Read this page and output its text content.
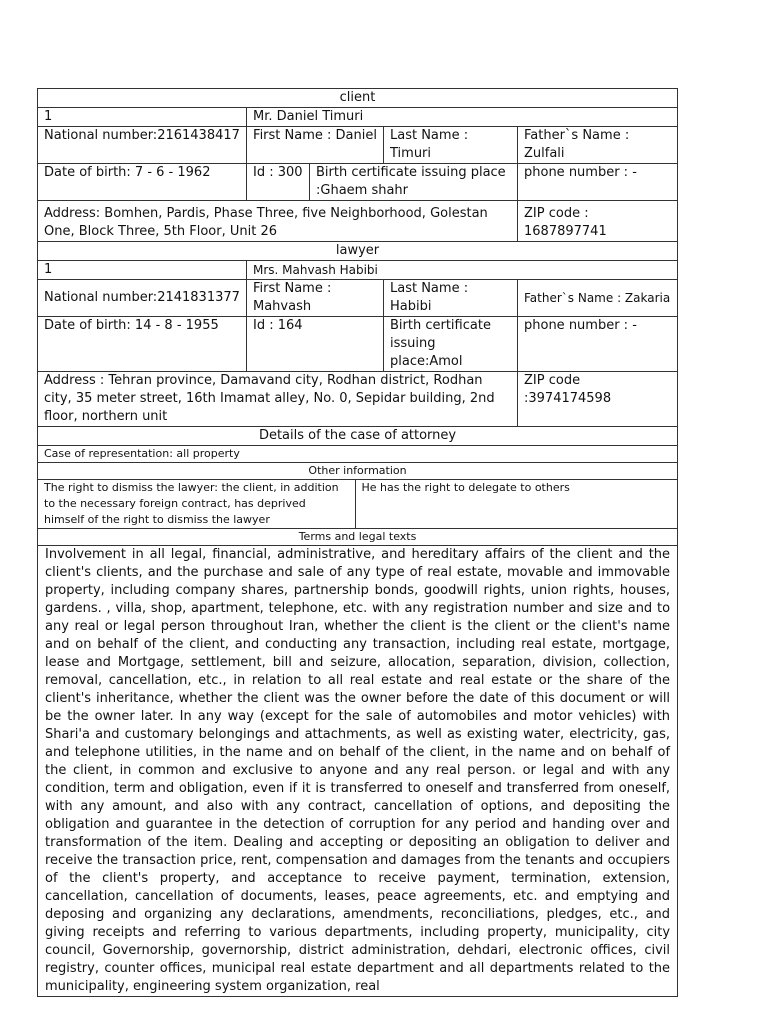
client
1	Mr. Daniel Timuri
National number:2161438417	First Name : Daniel	Last Name : Timuri	Father`s Name : Zulfali
Date of birth: 7 - 6 - 1962	Id : 300	Birth certificate issuing place :Ghaem shahr	phone number : -
Address: Bomhen, Pardis, Phase Three, five Neighborhood, Golestan One, Block Three, 5th Floor, Unit 26	ZIP code : 1687897741
lawyer
1	Mrs. Mahvash Habibi
National number:2141831377	First Name : Mahvash	Last Name : Habibi	Father`s Name : Zakaria
Date of birth: 14 - 8 - 1955	Id : 164	Birth certificate issuing place:Amol	phone number : -
Address : Tehran province, Damavand city, Rodhan district, Rodhan city, 35 meter street, 16th Imamat alley, No. 0, Sepidar building, 2nd floor, northern unit	ZIP code :3974174598
Details of the case of attorney
Case of representation: all property
Other information

The right to dismiss the lawyer: the client, in addition to the necessary foreign contract, has deprived himself of the right to dismiss the lawyer	He has the right to delegate to others

Terms and legal texts
Involvement in all legal, financial, administrative, and hereditary affairs of the client and the client's clients, and the purchase and sale of any type of real estate, movable and immovable property, including company shares, partnership bonds, goodwill rights, union rights, houses, gardens. , villa, shop, apartment, telephone, etc. with any registration number and size and to any real or legal person throughout Iran, whether the client is the client or the client's name and on behalf of the client, and conducting any transaction, including real estate, mortgage, lease and Mortgage, settlement, bill and seizure, allocation, separation, division, collection, removal, cancellation, etc., in relation to all real estate and real estate or the share of the client's inheritance, whether the client was the owner before the date of this document or will be the owner later. In any way (except for the sale of automobiles and motor vehicles) with Shari'a and customary belongings and attachments, as well as existing water, electricity, gas, and telephone utilities, in the name and on behalf of the client, in the name and on behalf of the client, in common and exclusive to anyone and any real person. or legal and with any condition, term and obligation, even if it is transferred to oneself and transferred from oneself, with any amount, and also with any contract, cancellation of options, and depositing the obligation and guarantee in the detection of corruption for any period and handing over and transformation of the item. Dealing and accepting or depositing an obligation to deliver and receive the transaction price, rent, compensation and damages from the tenants and occupiers of the client's property, and acceptance to receive payment, termination, extension, cancellation, cancellation of documents, leases, peace agreements, etc. and emptying and deposing and organizing any declarations, amendments, reconciliations, pledges, etc., and giving receipts and referring to various departments, including property, municipality, city council, Governorship, governorship, district administration, dehdari, electronic offices, civil registry, counter offices, municipal real estate department and all departments related to the municipality, engineering system organization, real
